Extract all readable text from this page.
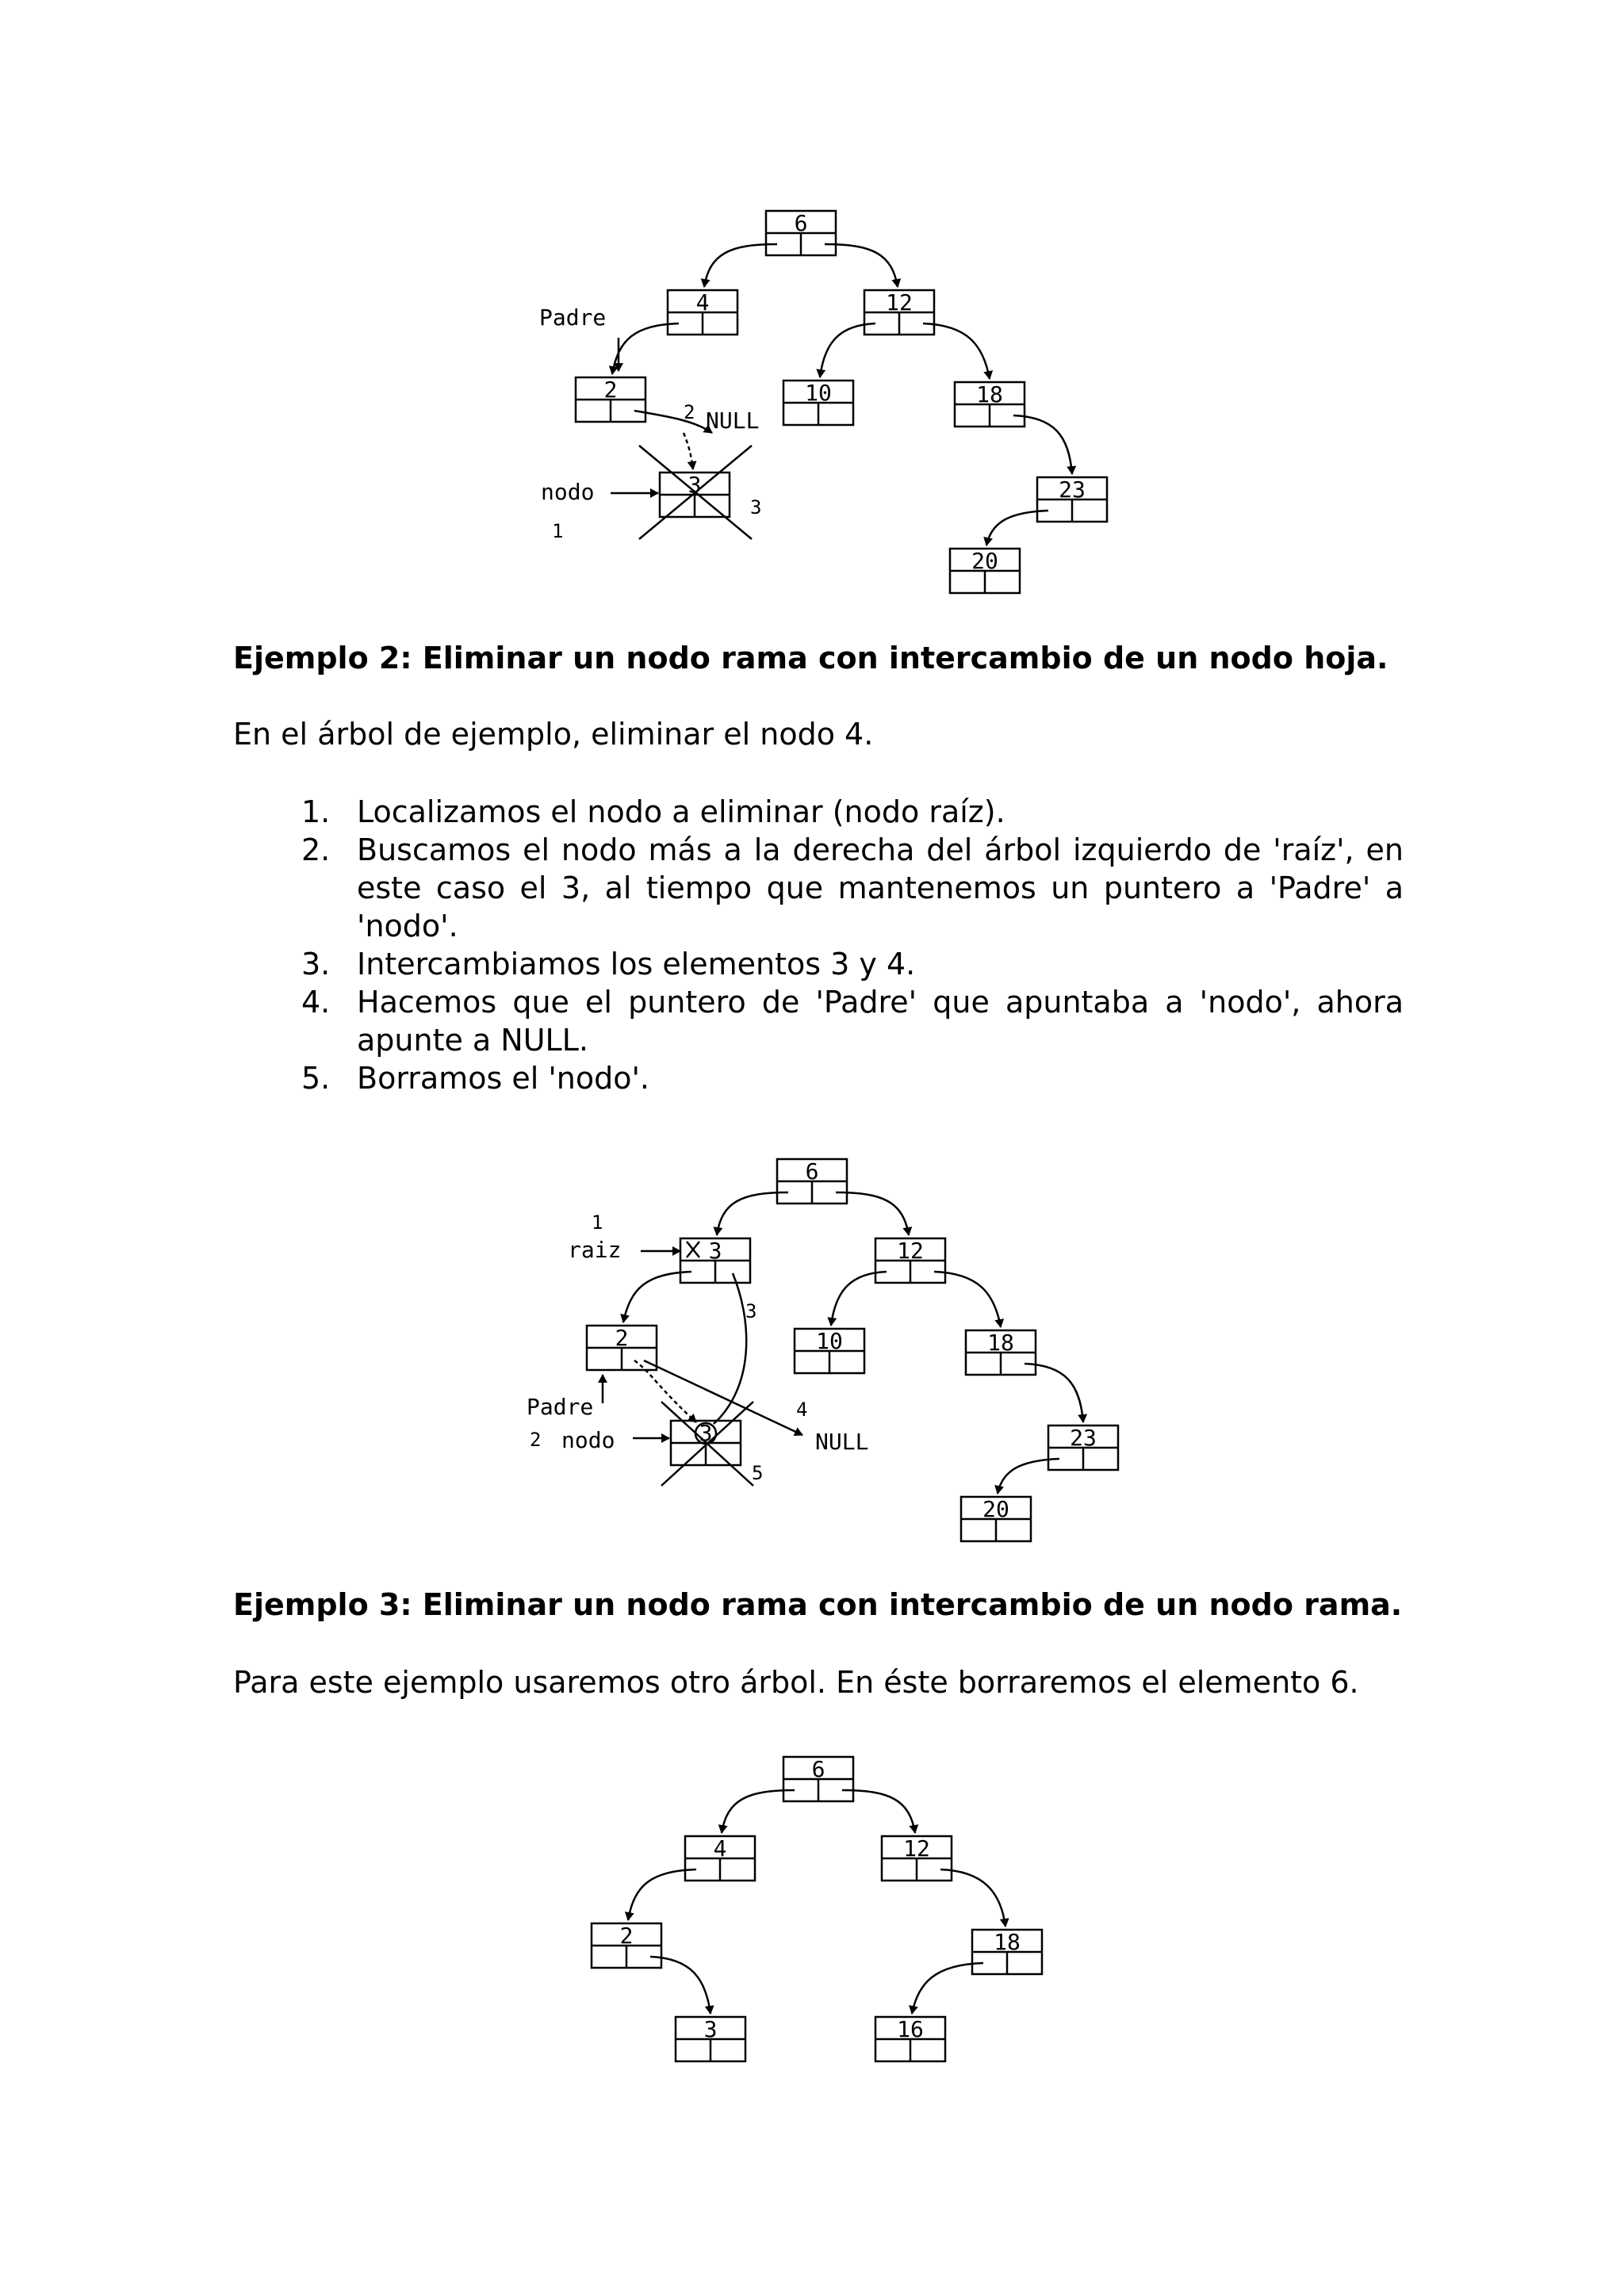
6
4	12
2	10	18
3	23
20
Padre
NULL
2
nodo
1
3

Ejemplo 2: Eliminar un nodo rama con intercambio de un nodo hoja.

En el árbol de ejemplo, eliminar el nodo 4.

1. Localizamos el nodo a eliminar (nodo raíz).
2. Buscamos el nodo más a la derecha del árbol izquierdo de 'raíz', en este caso el 3, al tiempo que mantenemos un puntero a 'Padre' a 'nodo'.
3. Intercambiamos los elementos 3 y 4.
4. Hacemos que el puntero de 'Padre' que apuntaba a 'nodo', ahora apunte a NULL.
5. Borramos el 'nodo'.
6
3	12
2	10	18
3	23
20
1
raiz
3
Padre
2 nodo
4
NULL
5

Ejemplo 3: Eliminar un nodo rama con intercambio de un nodo rama.

Para este ejemplo usaremos otro árbol. En éste borraremos el elemento 6.

6
4	12
2	18
3	16
